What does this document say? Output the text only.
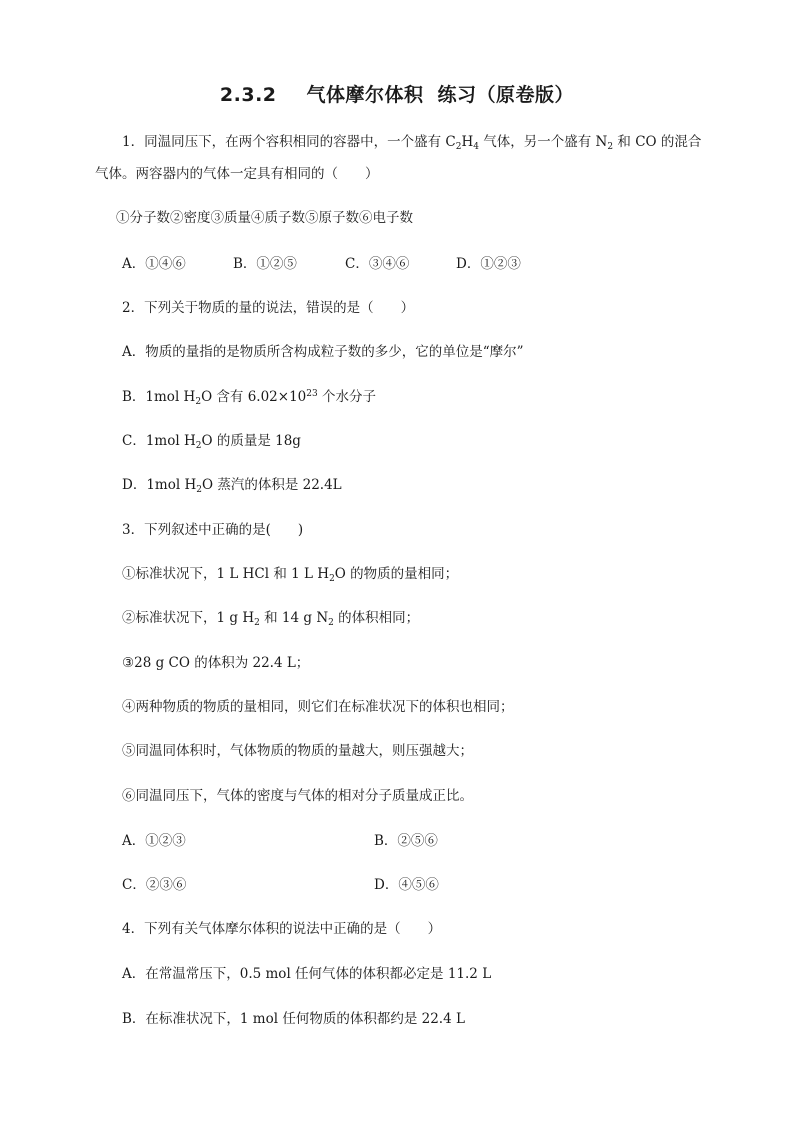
2.3.2 气体摩尔体积 练习（原卷版）
1．同温同压下，在两个容积相同的容器中，一个盛有 $C_2H_4$ 气体，另一个盛有 $N_2$ 和 CO 的混合
气体。两容器内的气体一定具有相同的（　　）
①分子数②密度③质量④质子数⑤原子数⑥电子数
A．①④⑥	B．①②⑤	C．③④⑥	D．①②③
2．下列关于物质的量的说法，错误的是（　　）
A．物质的量指的是物质所含构成粒子数的多少，它的单位是“摩尔”
B．1mol $H_2O$ 含有 $6.02\times 10^{23}$ 个水分子
C．1mol $H_2O$ 的质量是 18g
D．1mol $H_2O$ 蒸汽的体积是 22.4L
3．下列叙述中正确的是(　　)
①标准状况下，1 L HCl 和 1 L $H_2O$ 的物质的量相同；
②标准状况下，1 g $H_2$ 和 14 g $N_2$ 的体积相同；
③28 g CO 的体积为 22.4 L；
④两种物质的物质的量相同，则它们在标准状况下的体积也相同；
⑤同温同体积时，气体物质的物质的量越大，则压强越大；
⑥同温同压下，气体的密度与气体的相对分子质量成正比。
A．①②③	B．②⑤⑥
C．②③⑥	D．④⑤⑥
4．下列有关气体摩尔体积的说法中正确的是（　　）
A．在常温常压下，0.5 mol 任何气体的体积都必定是 11.2 L
B．在标准状况下，1 mol 任何物质的体积都约是 22.4 L
